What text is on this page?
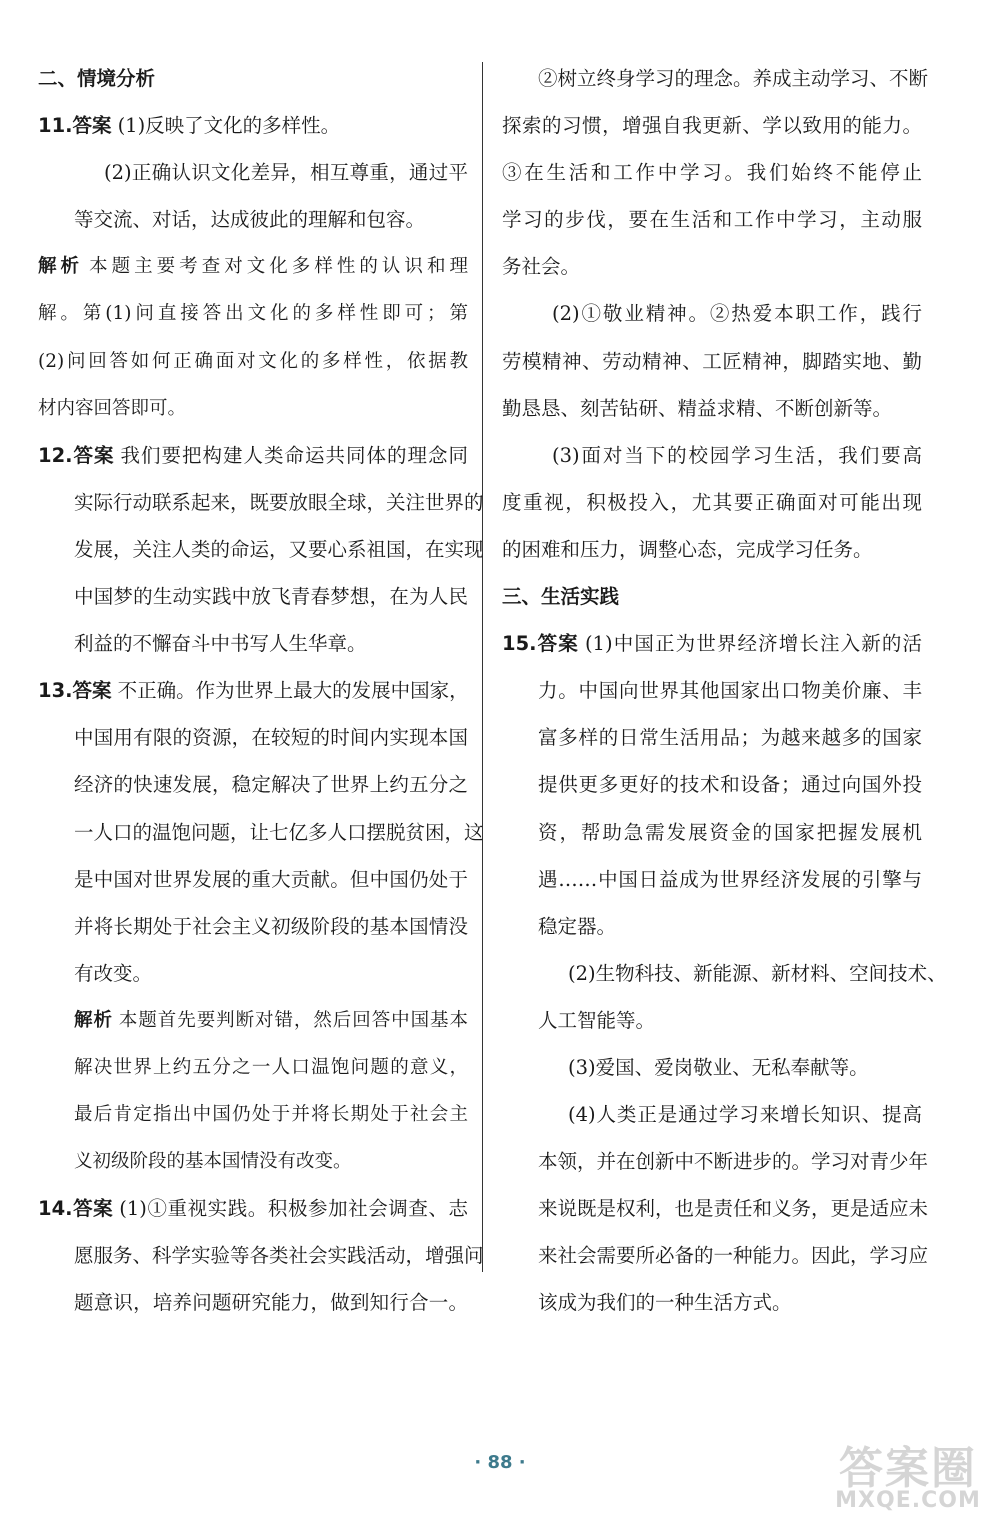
二、情境分析
11.答案 (1)反映了文化的多样性。
(2)正确认识文化差异，相互尊重，通过平
等交流、对话，达成彼此的理解和包容。
解析 本题主要考查对文化多样性的认识和理
解。第(1)问直接答出文化的多样性即可；第
(2)问回答如何正确面对文化的多样性，依据教
材内容回答即可。
12.答案 我们要把构建人类命运共同体的理念同
实际行动联系起来，既要放眼全球，关注世界的
发展，关注人类的命运，又要心系祖国，在实现
中国梦的生动实践中放飞青春梦想，在为人民
利益的不懈奋斗中书写人生华章。
13.答案 不正确。作为世界上最大的发展中国家，
中国用有限的资源，在较短的时间内实现本国
经济的快速发展，稳定解决了世界上约五分之
一人口的温饱问题，让七亿多人口摆脱贫困，这
是中国对世界发展的重大贡献。但中国仍处于
并将长期处于社会主义初级阶段的基本国情没
有改变。
解析 本题首先要判断对错，然后回答中国基本
解决世界上约五分之一人口温饱问题的意义，
最后肯定指出中国仍处于并将长期处于社会主
义初级阶段的基本国情没有改变。
14.答案 (1)①重视实践。积极参加社会调查、志
愿服务、科学实验等各类社会实践活动，增强问
题意识，培养问题研究能力，做到知行合一。
②树立终身学习的理念。养成主动学习、不断
探索的习惯，增强自我更新、学以致用的能力。
③在生活和工作中学习。我们始终不能停止
学习的步伐，要在生活和工作中学习，主动服
务社会。
(2)①敬业精神。②热爱本职工作，践行
劳模精神、劳动精神、工匠精神，脚踏实地、勤
勤恳恳、刻苦钻研、精益求精、不断创新等。
(3)面对当下的校园学习生活，我们要高
度重视，积极投入，尤其要正确面对可能出现
的困难和压力，调整心态，完成学习任务。
三、生活实践
15.答案 (1)中国正为世界经济增长注入新的活
力。中国向世界其他国家出口物美价廉、丰
富多样的日常生活用品；为越来越多的国家
提供更多更好的技术和设备；通过向国外投
资，帮助急需发展资金的国家把握发展机
遇……中国日益成为世界经济发展的引擎与
稳定器。
(2)生物科技、新能源、新材料、空间技术、
人工智能等。
(3)爱国、爱岗敬业、无私奉献等。
(4)人类正是通过学习来增长知识、提高
本领，并在创新中不断进步的。学习对青少年
来说既是权利，也是责任和义务，更是适应未
来社会需要所必备的一种能力。因此，学习应
该成为我们的一种生活方式。
· 88 ·	答案圈
MXQE.COM
